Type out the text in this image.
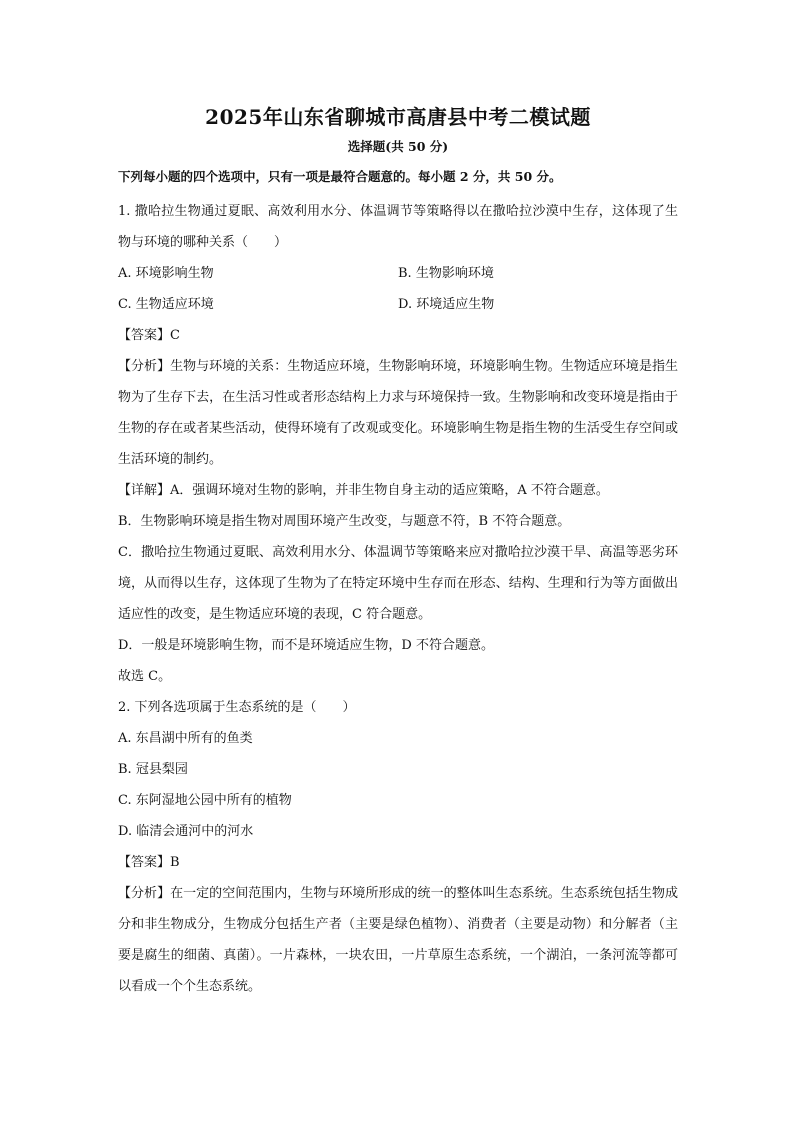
2025年山东省聊城市高唐县中考二模试题
选择题(共 50 分)
下列每小题的四个选项中，只有一项是最符合题意的。每小题 2 分，共 50 分。

1. 撒哈拉生物通过夏眠、高效利用水分、体温调节等策略得以在撒哈拉沙漠中生存，这体现了生物与环境的哪种关系（　　）

A. 环境影响生物	B. 生物影响环境
C. 生物适应环境	D. 环境适应生物

【答案】C

【分析】生物与环境的关系：生物适应环境，生物影响环境，环境影响生物。生物适应环境是指生物为了生存下去，在生活习性或者形态结构上力求与环境保持一致。生物影响和改变环境是指由于生物的存在或者某些活动，使得环境有了改观或变化。环境影响生物是指生物的生活受生存空间或生活环境的制约。

【详解】A．强调环境对生物的影响，并非生物自身主动的适应策略，A 不符合题意。

B．生物影响环境是指生物对周围环境产生改变，与题意不符，B 不符合题意。

C．撒哈拉生物通过夏眠、高效利用水分、体温调节等策略来应对撒哈拉沙漠干旱、高温等恶劣环境，从而得以生存，这体现了生物为了在特定环境中生存而在形态、结构、生理和行为等方面做出适应性的改变，是生物适应环境的表现，C 符合题意。

D．一般是环境影响生物，而不是环境适应生物，D 不符合题意。

故选 C。

2. 下列各选项属于生态系统的是（　　）

A. 东昌湖中所有的鱼类
B. 冠县梨园
C. 东阿湿地公园中所有的植物
D. 临清会通河中的河水

【答案】B

【分析】在一定的空间范围内，生物与环境所形成的统一的整体叫生态系统。生态系统包括生物成分和非生物成分，生物成分包括生产者（主要是绿色植物）、消费者（主要是动物）和分解者（主要是腐生的细菌、真菌）。一片森林，一块农田，一片草原生态系统，一个湖泊，一条河流等都可以看成一个个生态系统。
